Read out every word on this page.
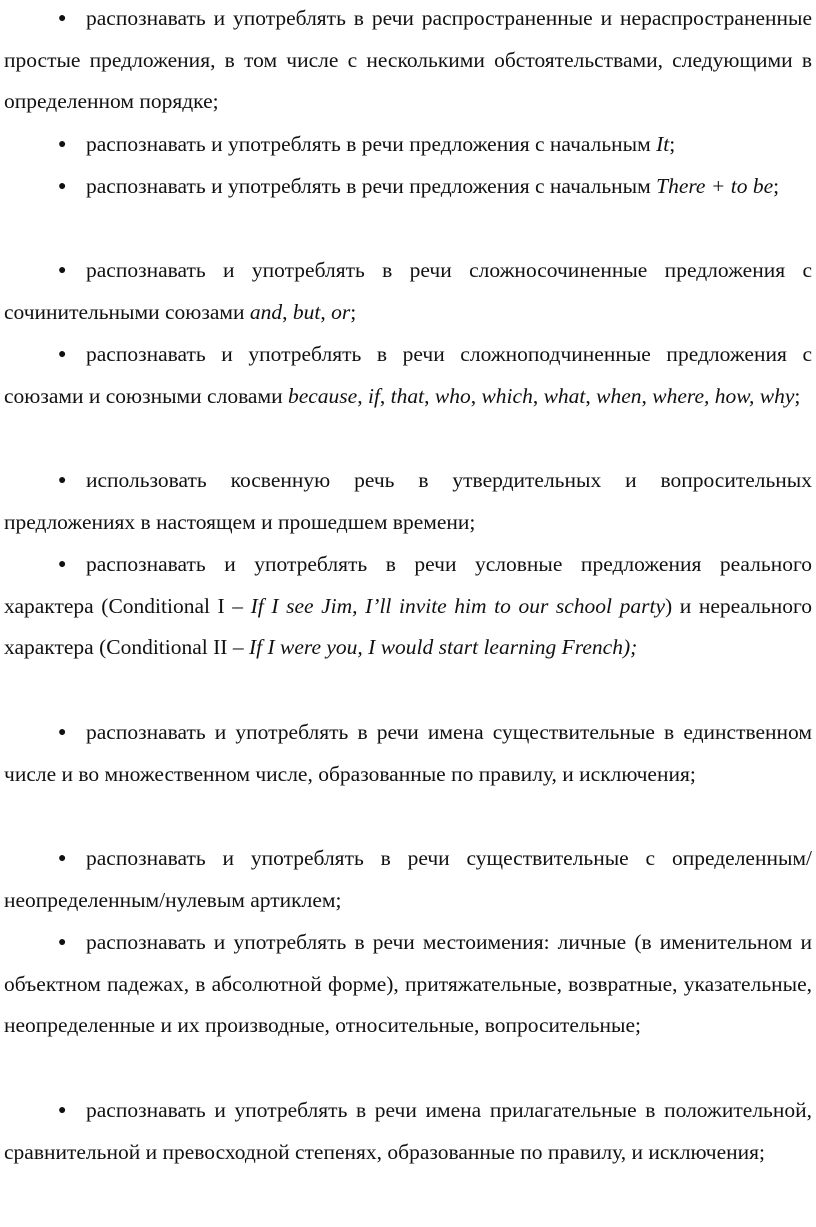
● распознавать и употреблять в речи распространенные и нераспространенные простые предложения, в том числе с несколькими обстоятельствами, следующими в определенном порядке;

● распознавать и употреблять в речи предложения с начальным It;

● распознавать и употреблять в речи предложения с начальным There + to be;

● распознавать и употреблять в речи сложносочиненные предложения с сочинительными союзами and, but, or;

● распознавать и употреблять в речи сложноподчиненные предложения с союзами и союзными словами because, if, that, who, which, what, when, where, how, why;

● использовать косвенную речь в утвердительных и вопросительных предложениях в настоящем и прошедшем времени;

● распознавать и употреблять в речи условные предложения реального характера (Conditional I – If I see Jim, I’ll invite him to our school party) и нереального характера (Conditional II – If I were you, I would start learning French);

● распознавать и употреблять в речи имена существительные в единственном числе и во множественном числе, образованные по правилу, и исключения;

● распознавать и употреблять в речи существительные с определенным/ неопределенным/нулевым артиклем;

● распознавать и употреблять в речи местоимения: личные (в именительном и объектном падежах, в абсолютной форме), притяжательные, возвратные, указательные, неопределенные и их производные, относительные, вопросительные;

● распознавать и употреблять в речи имена прилагательные в положительной, сравнительной и превосходной степенях, образованные по правилу, и исключения;
